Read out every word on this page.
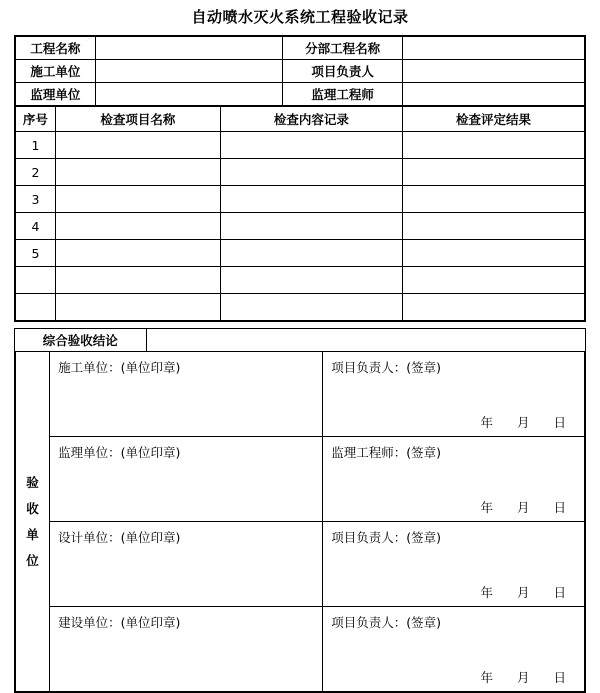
自动喷水灭火系统工程验收记录
工程名称		分部工程名称	
施工单位		项目负责人	
监理单位		监理工程师	
序号	检查项目名称	检查内容记录	检查评定结果
1			
2			
3			
4			
5			

综合验收结论	
验
收
单
位	施工单位：(单位印章)	项目负责人：(签章)
年 月 日

	监理单位：(单位印章)	监理工程师：(签章)
年 月 日

	设计单位：(单位印章)	项目负责人：(签章)
年 月 日

	建设单位：(单位印章)	项目负责人：(签章)
年 月 日
